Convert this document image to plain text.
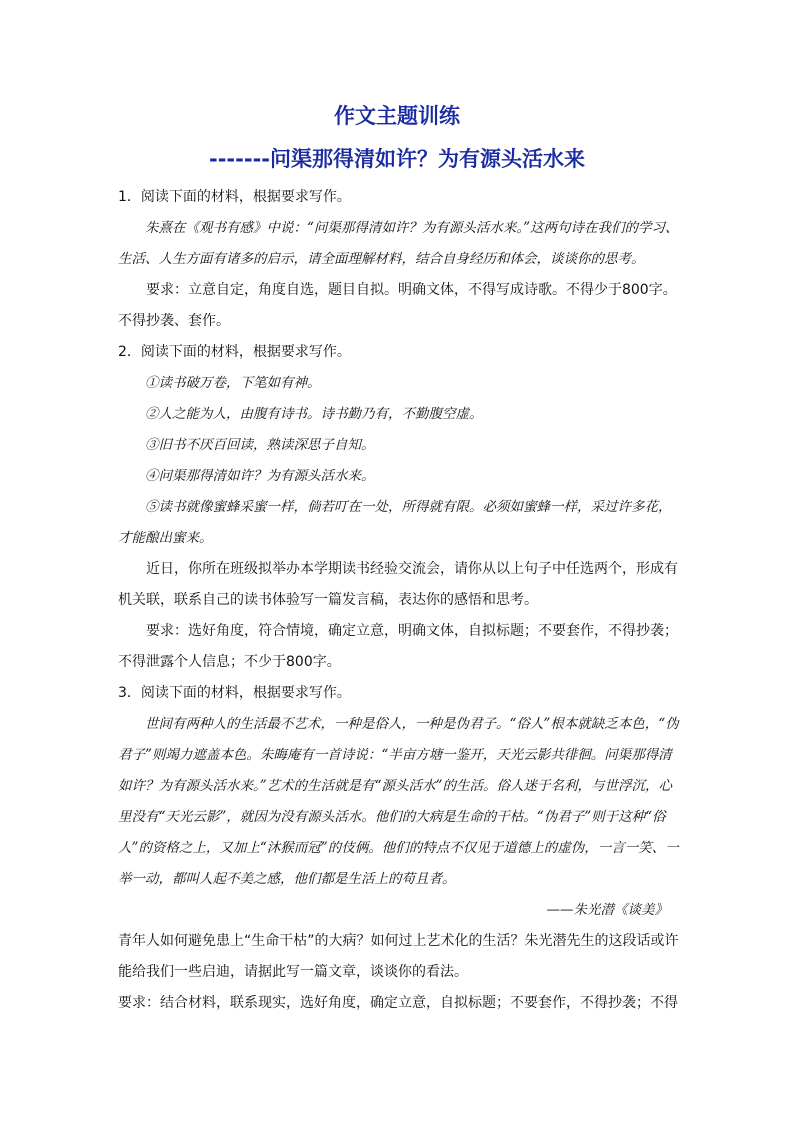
作文主题训练
-------问渠那得清如许？为有源头活水来

1．阅读下面的材料，根据要求写作。

朱熹在《观书有感》中说：“问渠那得清如许？为有源头活水来。”这两句诗在我们的学习、生活、人生方面有诸多的启示，请全面理解材料，结合自身经历和体会，谈谈你的思考。

要求：立意自定，角度自选，题目自拟。明确文体，不得写成诗歌。不得少于800字。不得抄袭、套作。

2．阅读下面的材料，根据要求写作。

①读书破万卷，下笔如有神。

②人之能为人，由腹有诗书。诗书勤乃有，不勤腹空虚。

③旧书不厌百回读，熟读深思子自知。

④问渠那得清如许？为有源头活水来。

⑤读书就像蜜蜂采蜜一样，倘若叮在一处，所得就有限。必须如蜜蜂一样，采过许多花，才能酿出蜜来。

近日，你所在班级拟举办本学期读书经验交流会，请你从以上句子中任选两个，形成有机关联，联系自己的读书体验写一篇发言稿，表达你的感悟和思考。

要求：选好角度，符合情境，确定立意，明确文体，自拟标题；不要套作，不得抄袭；不得泄露个人信息；不少于800字。

3．阅读下面的材料，根据要求写作。

世间有两种人的生活最不艺术，一种是俗人，一种是伪君子。“俗人”根本就缺乏本色，“伪君子”则竭力遮盖本色。朱晦庵有一首诗说：“半亩方塘一鉴开，天光云影共徘徊。问渠那得清如许？为有源头活水来。”艺术的生活就是有“源头活水”的生活。俗人迷于名利，与世浮沉，心里没有“天光云影”，就因为没有源头活水。他们的大病是生命的干枯。“伪君子”则于这种“俗人”的资格之上，又加上“沐猴而冠”的伎俩。他们的特点不仅见于道德上的虚伪，一言一笑、一举一动，都叫人起不美之感，他们都是生活上的苟且者。

——朱光潜《谈美》

青年人如何避免患上“生命干枯”的大病？如何过上艺术化的生活？朱光潜先生的这段话或许能给我们一些启迪，请据此写一篇文章，谈谈你的看法。

要求：结合材料，联系现实，选好角度，确定立意，自拟标题；不要套作，不得抄袭；不得
